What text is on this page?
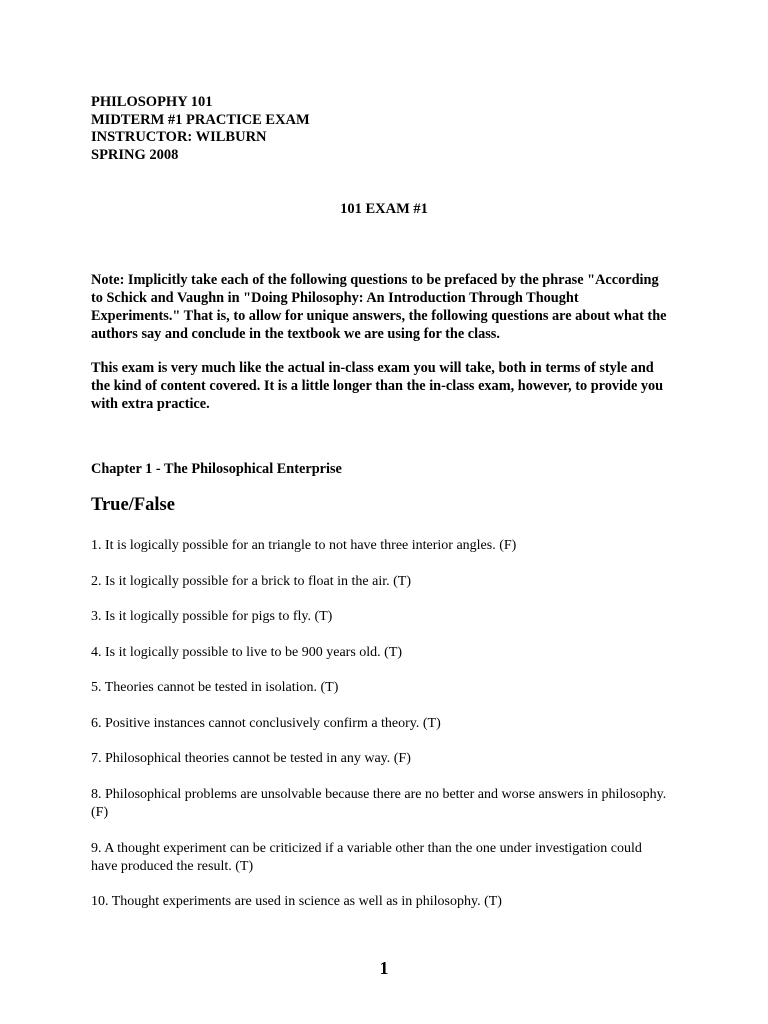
PHILOSOPHY 101
MIDTERM #1 PRACTICE EXAM
INSTRUCTOR: WILBURN
SPRING 2008
101 EXAM #1
Note: Implicitly take each of the following questions to be prefaced by the phrase "According to Schick and Vaughn in "Doing Philosophy: An Introduction Through Thought Experiments." That is, to allow for unique answers, the following questions are about what the authors say and conclude in the textbook we are using for the class.
This exam is very much like the actual in-class exam you will take, both in terms of style and the kind of content covered. It is a little longer than the in-class exam, however, to provide you with extra practice.
Chapter 1 - The Philosophical Enterprise
True/False
1. It is logically possible for an triangle to not have three interior angles. (F)
2. Is it logically possible for a brick to float in the air. (T)
3. Is it logically possible for pigs to fly. (T)
4. Is it logically possible to live to be 900 years old. (T)
5. Theories cannot be tested in isolation. (T)
6. Positive instances cannot conclusively confirm a theory. (T)
7. Philosophical theories cannot be tested in any way. (F)
8. Philosophical problems are unsolvable because there are no better and worse answers in philosophy. (F)
9. A thought experiment can be criticized if a variable other than the one under investigation could have produced the result. (T)
10. Thought experiments are used in science as well as in philosophy. (T)
1
